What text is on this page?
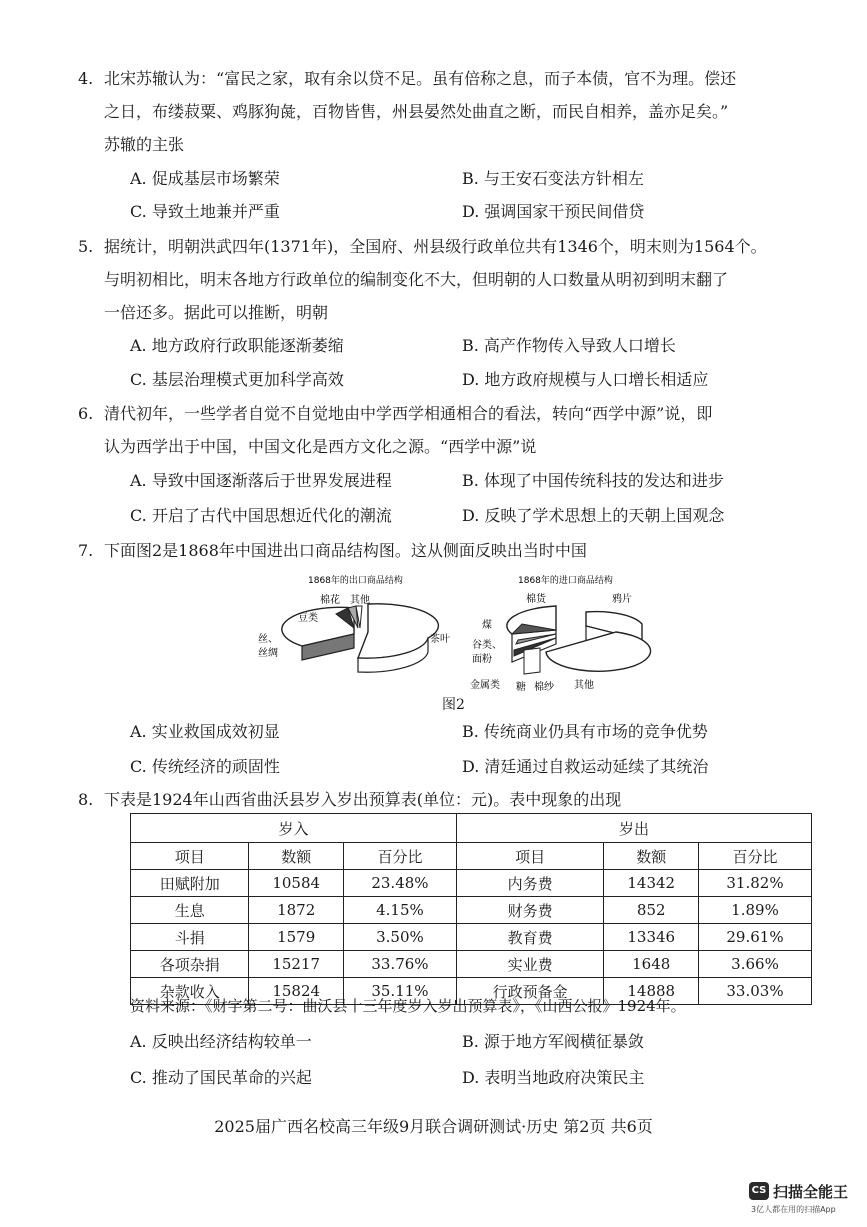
4. 北宋苏辙认为：“富民之家，取有余以贷不足。虽有倍称之息，而子本债，官不为理。偿还
之日，布缕菽粟、鸡豚狗彘，百物皆售，州县晏然处曲直之断，而民自相养，盖亦足矣。”
苏辙的主张
A. 促成基层市场繁荣	B. 与王安石变法方针相左
C. 导致土地兼并严重	D. 强调国家干预民间借贷
5. 据统计，明朝洪武四年(1371年)，全国府、州县级行政单位共有1346个，明末则为1564个。
与明初相比，明末各地方行政单位的编制变化不大，但明朝的人口数量从明初到明末翻了
一倍还多。据此可以推断，明朝
A. 地方政府行政职能逐渐萎缩	B. 高产作物传入导致人口增长
C. 基层治理模式更加科学高效	D. 地方政府规模与人口增长相适应
6. 清代初年，一些学者自觉不自觉地由中学西学相通相合的看法，转向“西学中源”说，即
认为西学出于中国，中国文化是西方文化之源。“西学中源”说
A. 导致中国逐渐落后于世界发展进程	B. 体现了中国传统科技的发达和进步
C. 开启了古代中国思想近代化的潮流	D. 反映了学术思想上的天朝上国观念
7. 下面图2是1868年中国进出口商品结构图。这从侧面反映出当时中国
1868年的出口商品结构
棉花 其他
豆类
丝、
丝绸
茶叶
1868年的进口商品结构
棉货	鸦片
煤
谷类、
面粉
金属类 糖 棉纱 其他
图2
A. 实业救国成效初显	B. 传统商业仍具有市场的竞争优势
C. 传统经济的顽固性	D. 清廷通过自救运动延续了其统治
8. 下表是1924年山西省曲沃县岁入岁出预算表(单位：元)。表中现象的出现
岁入			岁出		
项目	数额	百分比	项目	数额	百分比
田赋附加	10584	23.48%	内务费	14342	31.82%
生息	1872	4.15%	财务费	852	1.89%
斗捐	1579	3.50%	教育费	13346	29.61%
各项杂捐	15217	33.76%	实业费	1648	3.66%
杂款收入	15824	35.11%	行政预备金	14888	33.03%
资料来源：《财字第二号：曲沃县十三年度岁入岁出预算表》，《山西公报》1924年。
A. 反映出经济结构较单一	B. 源于地方军阀横征暴敛
C. 推动了国民革命的兴起	D. 表明当地政府决策民主
2025届广西名校高三年级9月联合调研测试·历史 第2页 共6页
CS 扫描全能王
3亿人都在用的扫描App
